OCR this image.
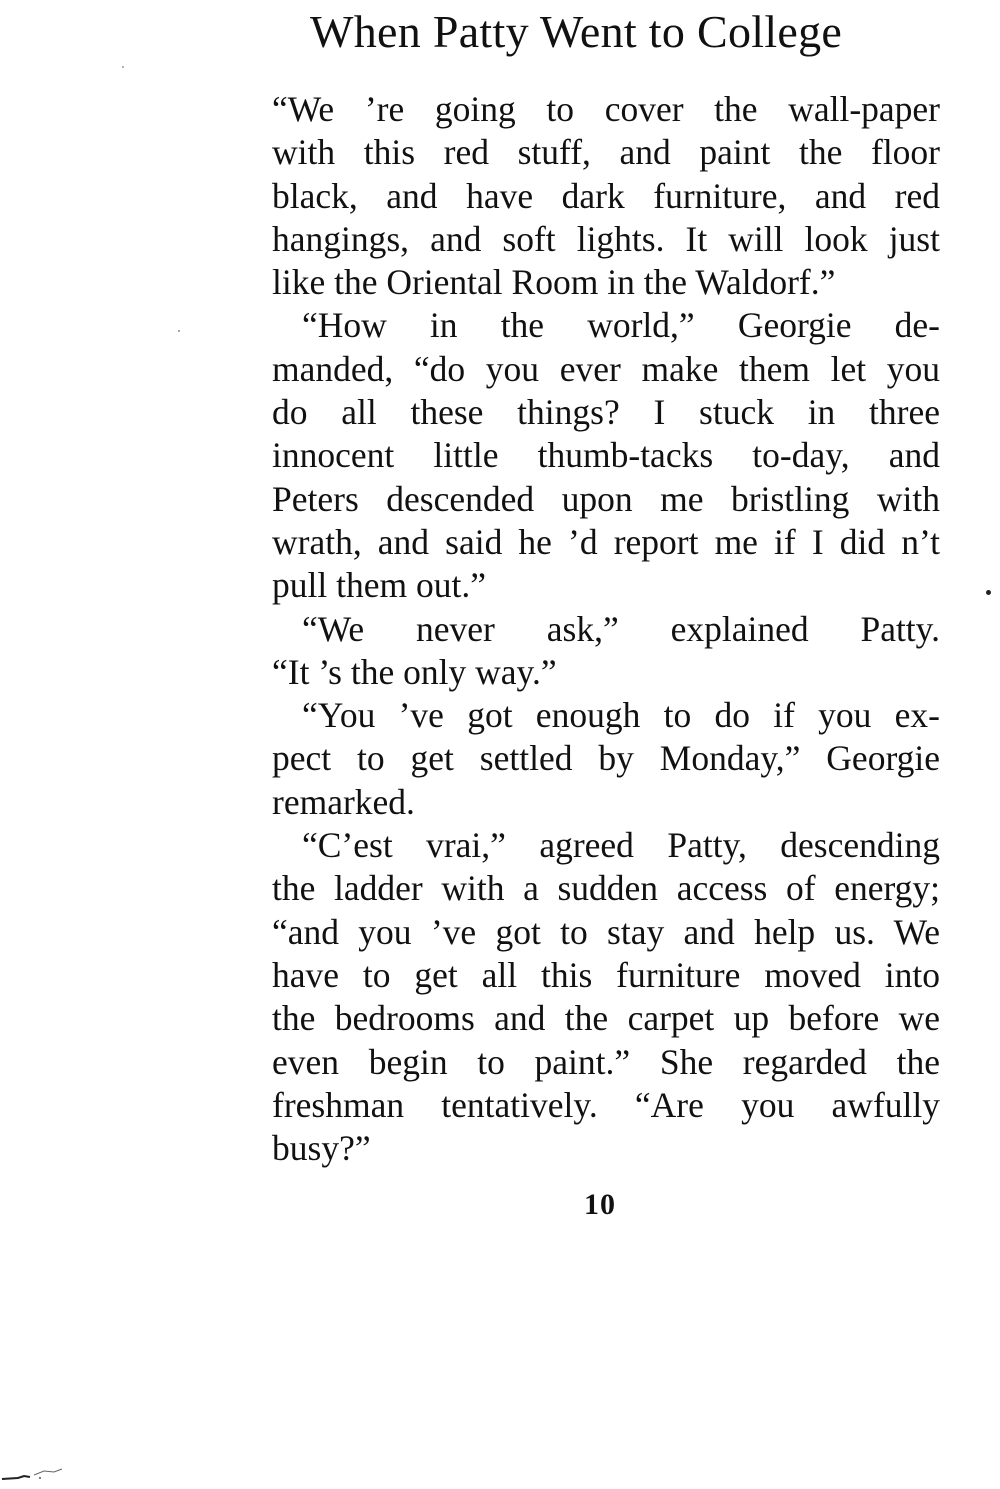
When Patty Went to College
“We ’re going to cover the wall-paper
with this red stuff, and paint the floor
black, and have dark furniture, and red
hangings, and soft lights. It will look just
like the Oriental Room in the Waldorf.”
“How in the world,” Georgie de-
manded, “do you ever make them let you
do all these things? I stuck in three
innocent little thumb-tacks to-day, and
Peters descended upon me bristling with
wrath, and said he ’d report me if I did n’t
pull them out.”
“We never ask,” explained Patty.
“It ’s the only way.”
“You ’ve got enough to do if you ex-
pect to get settled by Monday,” Georgie
remarked.
“C’est vrai,” agreed Patty, descending
the ladder with a sudden access of energy;
“and you ’ve got to stay and help us. We
have to get all this furniture moved into
the bedrooms and the carpet up before we
even begin to paint.” She regarded the
freshman tentatively. “Are you awfully
busy?”
10
